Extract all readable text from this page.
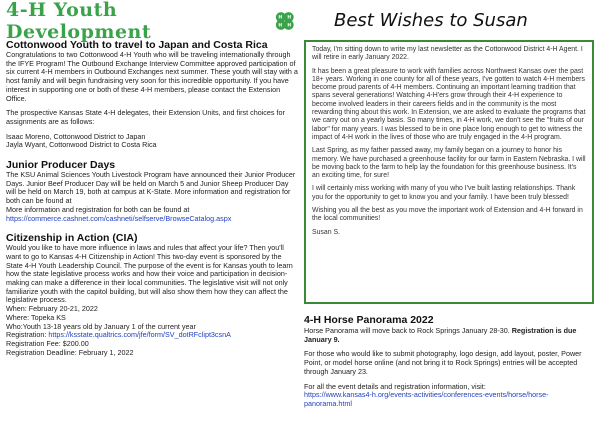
4-H Youth Development
H H
H H
Cottonwood Youth to travel to Japan and Costa Rica

Congratulations to two Cottonwood 4-H Youth who will be traveling internationally through the IFYE Program! The Outbound Exchange Interview Committee approved participation of six current 4-H members in Outbound Exchanges next summer. These youth will stay with a host family and will begin fundraising very soon for this incredible opportunity. If you have interest in supporting one or both of these 4-H members, please contact the Extension Office.

The prospective Kansas State 4-H delegates, their Extension Units, and first choices for assignments are as follows:

Isaac Moreno, Cottonwood District to Japan

Jayla Wyant, Cottonwood District to Costa Rica

Junior Producer Days

The KSU Animal Sciences Youth Livestock Program have announced their Junior Producer Days. Junior Beef Producer Day will be held on March 5 and Junior Sheep Producer Day will be held on March 19, both at campus at K-State. More information and registration for both can be found at

More information and registration for both can be found at

https://commerce.cashnet.com/cashneti/selfserve/BrowseCatalog.aspx

Citizenship in Action (CIA)

Would you like to have more influence in laws and rules that affect your life? Then you'll want to go to Kansas 4-H Citizenship in Action! This two-day event is sponsored by the State 4-H Youth Leadership Council. The purpose of the event is for Kansas youth to learn how the state legislative process works and how their voice and participation in decision-making can make a difference in their local communities. The legislative visit will not only familiarize youth with the capitol building, but will also show them how they can affect the legislative process.

When: February 20-21, 2022

Where: Topeka KS

Who:Youth 13-18 years old by January 1 of the current year

Registration: https://ksstate.qualtrics.com/jfe/form/SV_dotRFclipt3csnA

Registration Fee: $200.00

Registration Deadline: February 1, 2022

Best Wishes to Susan

Today, I'm sitting down to write my last newsletter as the Cottonwood District 4-H Agent. I will retire in early January 2022.

It has been a great pleasure to work with families across Northwest Kansas over the past 18+ years. Working in one county for all of these years, I've gotten to watch 4-H members become proud parents of 4-H members. Continuing an important learning tradition that spans several generations! Watching 4-H'ers grow through their 4-H experience to become involved leaders in their careers fields and in the community is the most rewarding thing about this work. In Extension, we are asked to evaluate the programs that we carry out on a yearly basis. So many times, in 4-H work, we don't see the "fruits of our labor" for many years. I was blessed to be in one place long enough to get to witness the impact of 4-H work in the lives of those who are truly engaged in the 4-H program.

Last Spring, as my father passed away, my family began on a journey to honor his memory. We have purchased a greenhouse facility for our farm in Eastern Nebraska. I will be moving back to the farm to help lay the foundation for this greenhouse business. It's an exciting time, for sure!

I will certainly miss working with many of you who I've built lasting relationships. Thank you for the opportunity to get to know you and your family. I have been truly blessed!

Wishing you all the best as you move the important work of Extension and 4-H forward in the local communities!

Susan S.

4-H Horse Panorama 2022

Horse Panorama will move back to Rock Springs January 28-30. Registration is due January 9.

For those who would like to submit photography, logo design, add layout, poster, Power Point, or model horse online (and not bring it to Rock Springs) entries will be accepted through January 23.

For all the event details and registration information, visit:

https://www.kansas4-h.org/events-activities/conferences-events/horse/horse-panorama.html
